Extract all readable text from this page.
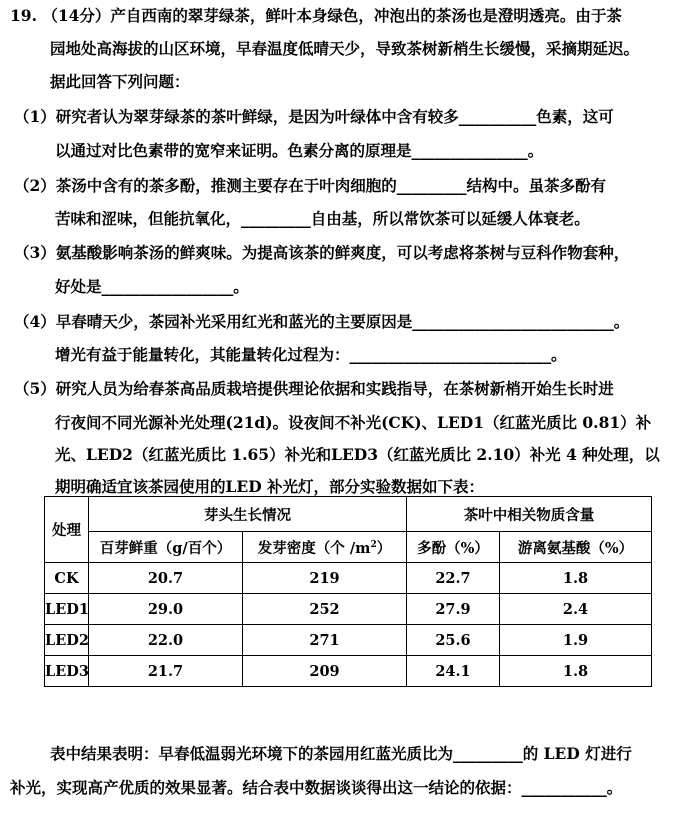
19. （14分）产自西南的翠芽绿茶，鲜叶本身绿色，冲泡出的茶汤也是澄明透亮。由于茶
园地处高海拔的山区环境，早春温度低晴天少，导致茶树新梢生长缓慢，采摘期延迟。
据此回答下列问题：
（1）研究者认为翠芽绿茶的茶叶鲜绿，是因为叶绿体中含有较多__________色素，这可
以通过对比色素带的宽窄来证明。色素分离的原理是_______________。
（2）茶汤中含有的茶多酚，推测主要存在于叶肉细胞的_________结构中。虽茶多酚有
苦味和涩味，但能抗氧化，_________自由基，所以常饮茶可以延缓人体衰老。
（3）氨基酸影响茶汤的鲜爽味。为提高该茶的鲜爽度，可以考虑将茶树与豆科作物套种，
好处是_________________。
（4）早春晴天少，茶园补光采用红光和蓝光的主要原因是__________________________。
增光有益于能量转化，其能量转化过程为：__________________________。
（5）研究人员为给春茶高品质栽培提供理论依据和实践指导，在茶树新梢开始生长时进
行夜间不同光源补光处理(21d)。设夜间不补光(CK)、LED1（红蓝光质比 0.81）补
光、LED2（红蓝光质比 1.65）补光和LED3（红蓝光质比 2.10）补光 4 种处理，以
期明确适宜该茶园使用的LED 补光灯，部分实验数据如下表：
处理	芽头生长情况		茶叶中相关物质含量	
	百芽鲜重（g/百个）	发芽密度（个 $/m^2$）	多酚（%）	游离氨基酸（%）
CK	20.7	219	22.7	1.8
LED1	29.0	252	27.9	2.4
LED2	22.0	271	25.6	1.9
LED3	21.7	209	24.1	1.8
表中结果表明：早春低温弱光环境下的茶园用红蓝光质比为_________的 LED 灯进行
补光，实现高产优质的效果显著。结合表中数据谈谈得出这一结论的依据：___________。
